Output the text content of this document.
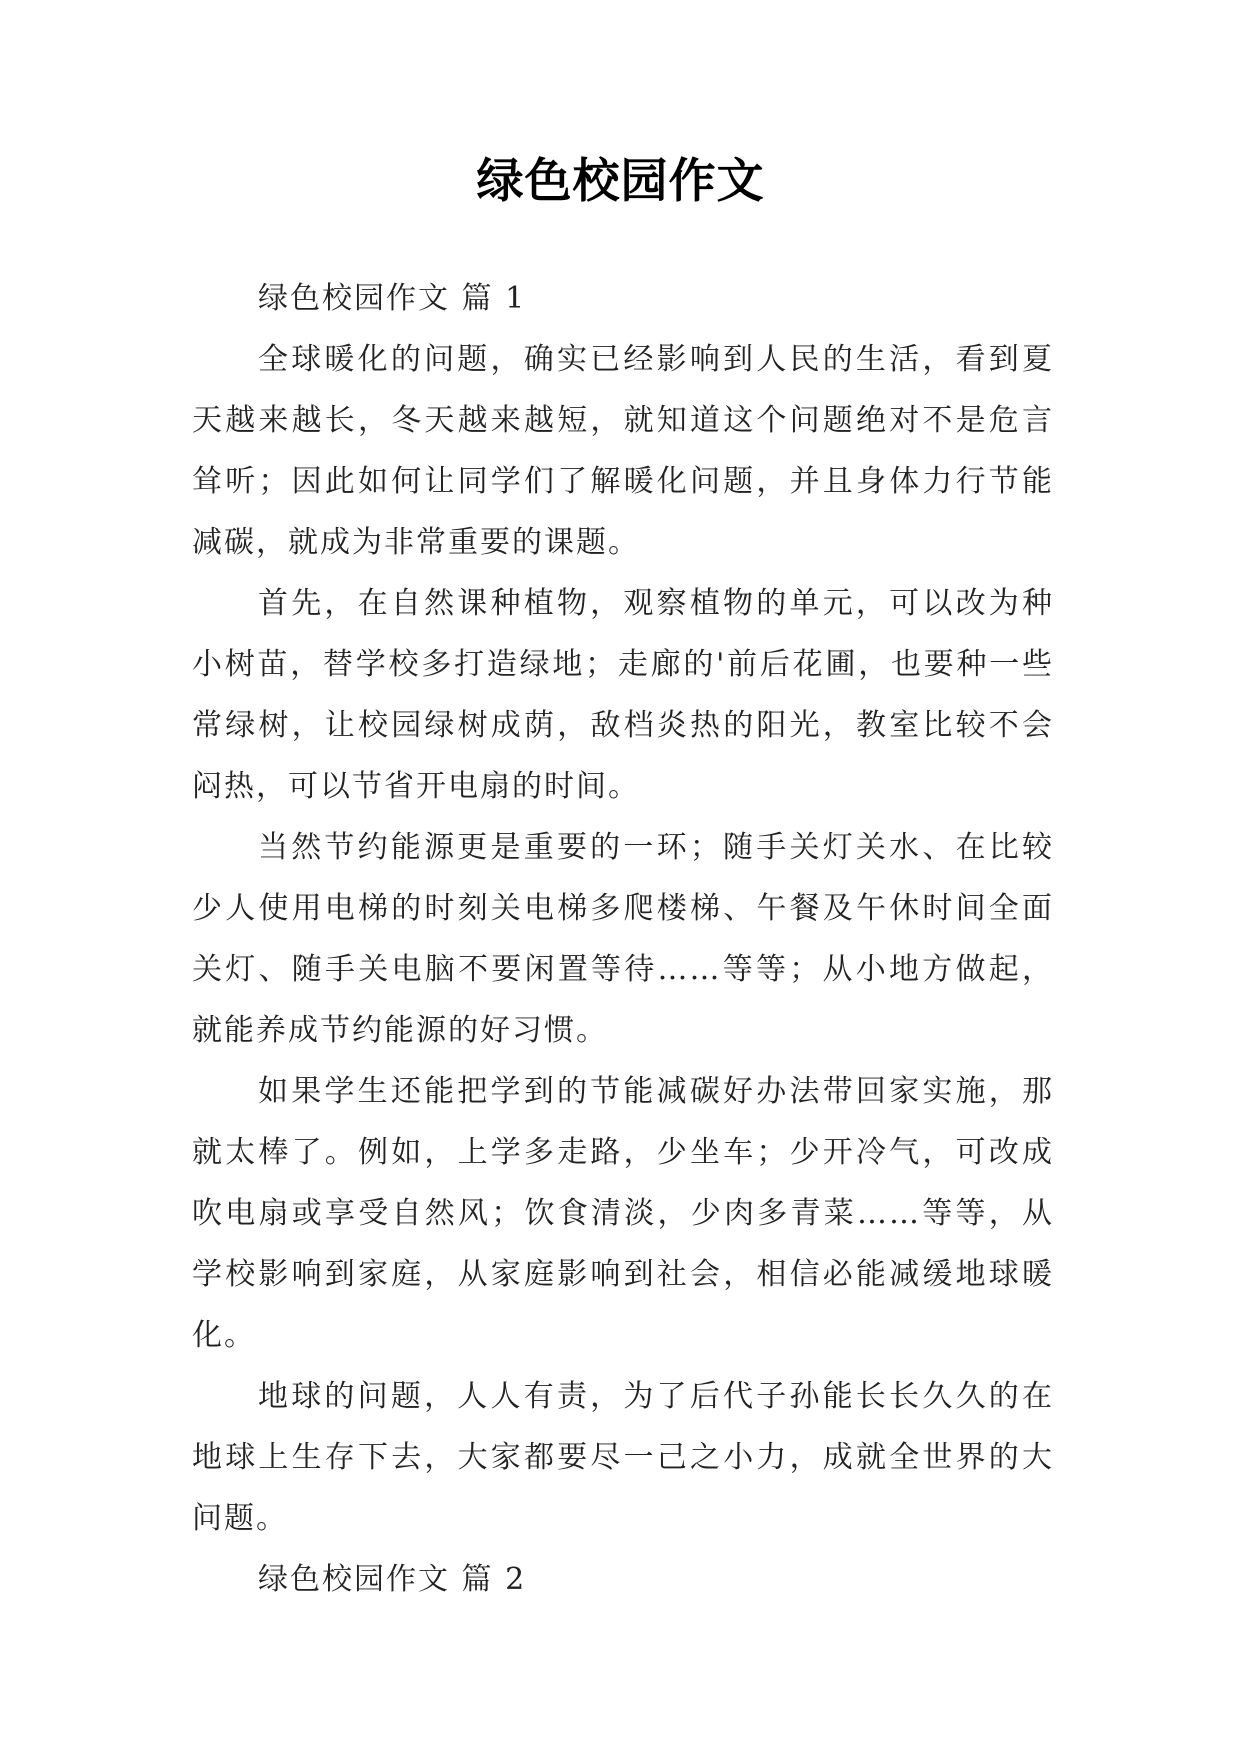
绿色校园作文

绿色校园作文 篇 1

全球暖化的问题，确实已经影响到人民的生活，看到夏天越来越长，冬天越来越短，就知道这个问题绝对不是危言耸听；因此如何让同学们了解暖化问题，并且身体力行节能减碳，就成为非常重要的课题。

首先，在自然课种植物，观察植物的单元，可以改为种小树苗，替学校多打造绿地；走廊的'前后花圃，也要种一些常绿树，让校园绿树成荫，敌档炎热的阳光，教室比较不会闷热，可以节省开电扇的时间。

当然节约能源更是重要的一环；随手关灯关水、在比较少人使用电梯的时刻关电梯多爬楼梯、午餐及午休时间全面关灯、随手关电脑不要闲置等待……等等；从小地方做起，就能养成节约能源的好习惯。

如果学生还能把学到的节能减碳好办法带回家实施，那就太棒了。例如，上学多走路，少坐车；少开冷气，可改成吹电扇或享受自然风；饮食清淡，少肉多青菜……等等，从学校影响到家庭，从家庭影响到社会，相信必能减缓地球暖化。

地球的问题，人人有责，为了后代子孙能长长久久的在地球上生存下去，大家都要尽一己之小力，成就全世界的大问题。

绿色校园作文 篇 2
